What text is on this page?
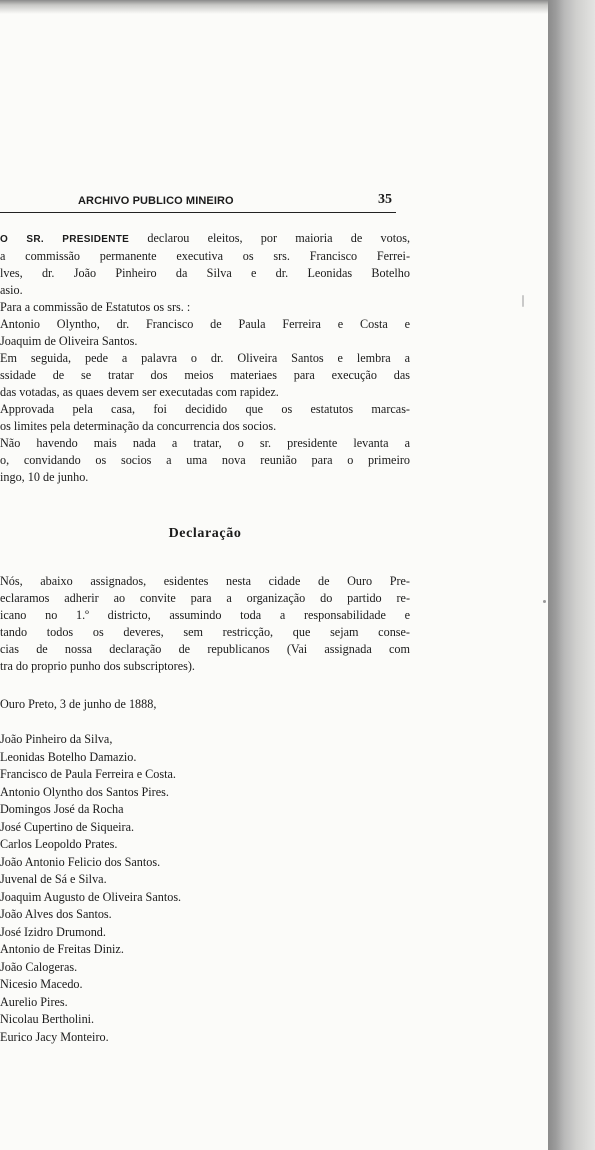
ARCHIVO PUBLICO MINEIRO	35

O SR. PRESIDENTE declarou eleitos, por maioria de votos,

a commissão permanente executiva os srs. Francisco Ferrei-

lves, dr. João Pinheiro da Silva e dr. Leonidas Botelho

asio.

Para a commissão de Estatutos os srs. :

Antonio Olyntho, dr. Francisco de Paula Ferreira e Costa e

Joaquim de Oliveira Santos.

Em seguida, pede a palavra o dr. Oliveira Santos e lembra a

ssidade de se tratar dos meios materiaes para execução das

das votadas, as quaes devem ser executadas com rapidez.

Approvada pela casa, foi decidido que os estatutos marcas-

os limites pela determinação da concurrencia dos socios.

Não havendo mais nada a tratar, o sr. presidente levanta a

o, convidando os socios a uma nova reunião para o primeiro

ingo, 10 de junho.

Declaração

Nós, abaixo assignados, esidentes nesta cidade de Ouro Pre-

eclaramos adherir ao convite para a organização do partido re-

icano no 1.º districto, assumindo toda a responsabilidade e

tando todos os deveres, sem restricção, que sejam conse-

cias de nossa declaração de republicanos (Vai assignada com

tra do proprio punho dos subscriptores).

Ouro Preto, 3 de junho de 1888,
João Pinheiro da Silva,
Leonidas Botelho Damazio.
Francisco de Paula Ferreira e Costa.
Antonio Olyntho dos Santos Pires.
Domingos José da Rocha
José Cupertino de Siqueira.
Carlos Leopoldo Prates.
João Antonio Felicio dos Santos.
Juvenal de Sá e Silva.
Joaquim Augusto de Oliveira Santos.
João Alves dos Santos.
José Izidro Drumond.
Antonio de Freitas Diniz.
João Calogeras.
Nicesio Macedo.
Aurelio Pires.
Nicolau Bertholini.
Eurico Jacy Monteiro.
